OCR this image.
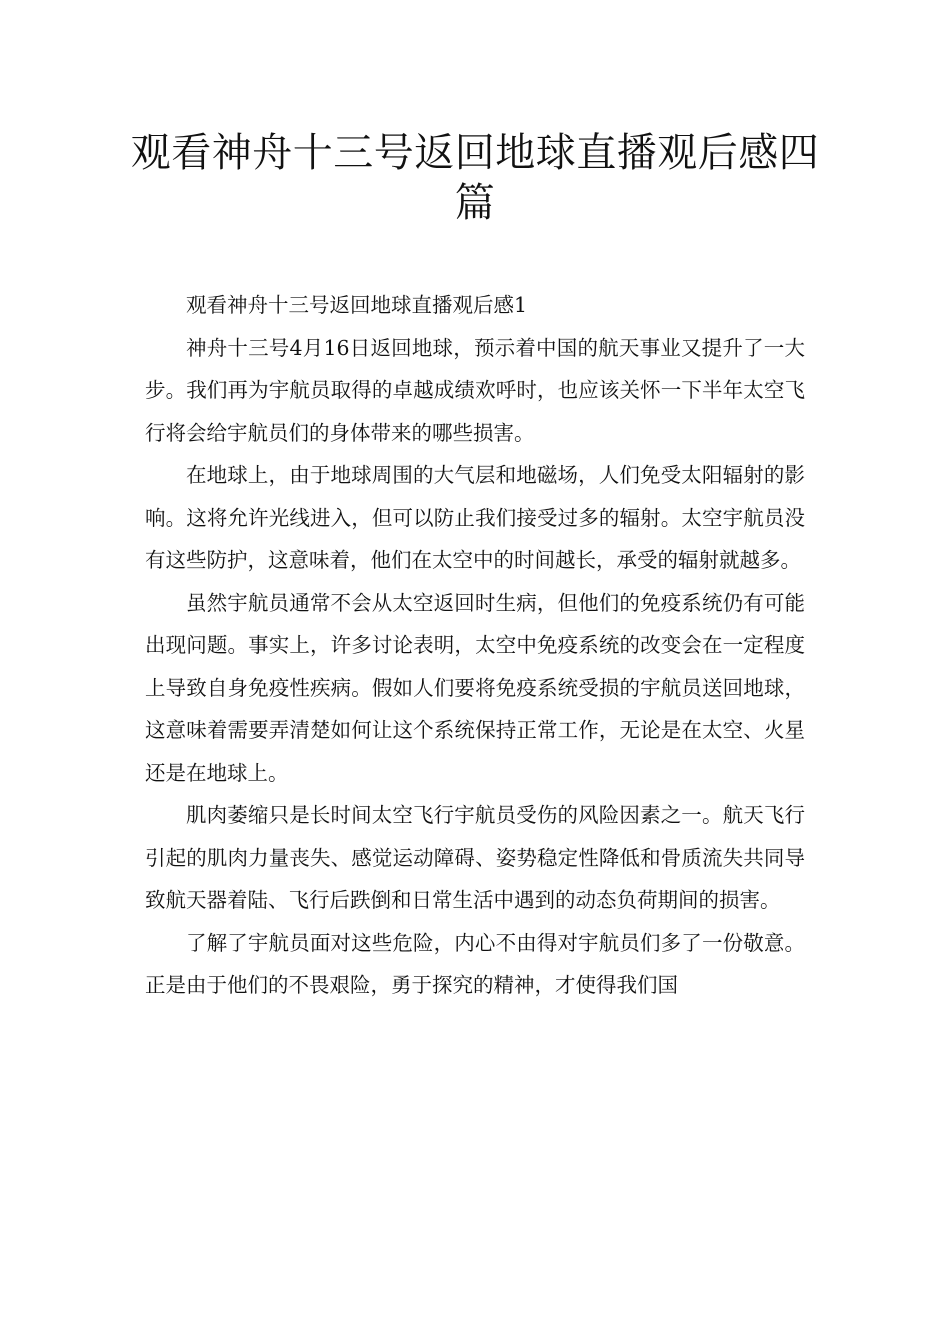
观看神舟十三号返回地球直播观后感四篇

观看神舟十三号返回地球直播观后感1

神舟十三号4月16日返回地球，预示着中国的航天事业又提升了一大步。我们再为宇航员取得的卓越成绩欢呼时，也应该关怀一下半年太空飞行将会给宇航员们的身体带来的哪些损害。

在地球上，由于地球周围的大气层和地磁场，人们免受太阳辐射的影响。这将允许光线进入，但可以防止我们接受过多的辐射。太空宇航员没有这些防护，这意味着，他们在太空中的时间越长，承受的辐射就越多。

虽然宇航员通常不会从太空返回时生病，但他们的免疫系统仍有可能出现问题。事实上，许多讨论表明，太空中免疫系统的改变会在一定程度上导致自身免疫性疾病。假如人们要将免疫系统受损的宇航员送回地球，这意味着需要弄清楚如何让这个系统保持正常工作，无论是在太空、火星还是在地球上。

肌肉萎缩只是长时间太空飞行宇航员受伤的风险因素之一。航天飞行引起的肌肉力量丧失、感觉运动障碍、姿势稳定性降低和骨质流失共同导致航天器着陆、飞行后跌倒和日常生活中遇到的动态负荷期间的损害。

了解了宇航员面对这些危险，内心不由得对宇航员们多了一份敬意。正是由于他们的不畏艰险，勇于探究的精神，才使得我们国
